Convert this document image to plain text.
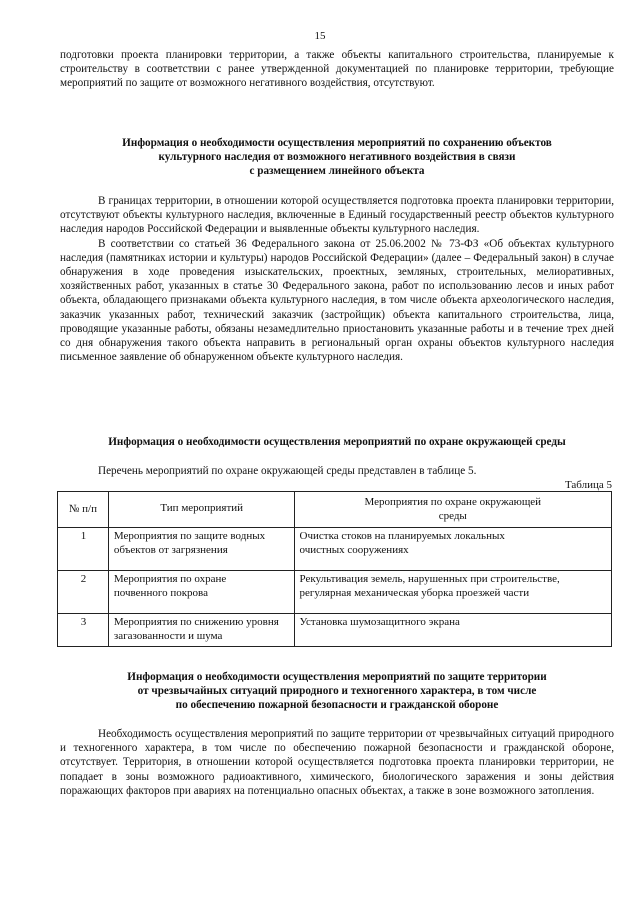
15

подготовки проекта планировки территории, а также объекты капитального строительства, планируемые к строительству в соответствии с ранее утвержденной документацией по планировке территории, требующие мероприятий по защите от возможного негативного воздействия, отсутствуют.

Информация о необходимости осуществления мероприятий по сохранению объектов
культурного наследия от возможного негативного воздействия в связи
с размещением линейного объекта

В границах территории, в отношении которой осуществляется подготовка проекта планировки территории, отсутствуют объекты культурного наследия, включенные в Единый государственный реестр объектов культурного наследия народов Российской Федерации и выявленные объекты культурного наследия.

В соответствии со статьей 36 Федерального закона от 25.06.2002 № 73-ФЗ «Об объектах культурного наследия (памятниках истории и культуры) народов Российской Федерации» (далее – Федеральный закон) в случае обнаружения в ходе проведения изыскательских, проектных, земляных, строительных, мелиоративных, хозяйственных работ, указанных в статье 30 Федерального закона, работ по использованию лесов и иных работ объекта, обладающего признаками объекта культурного наследия, в том числе объекта археологического наследия, заказчик указанных работ, технический заказчик (застройщик) объекта капитального строительства, лица, проводящие указанные работы, обязаны незамедлительно приостановить указанные работы и в течение трех дней со дня обнаружения такого объекта направить в региональный орган охраны объектов культурного наследия письменное заявление об обнаруженном объекте культурного наследия.

Информация о необходимости осуществления мероприятий по охране окружающей среды

Перечень мероприятий по охране окружающей среды представлен в таблице 5.

Таблица 5
№ п/п	Тип мероприятий	Мероприятия по охране окружающей среды
1	Мероприятия по защите водных объектов от загрязнения	Очистка стоков на планируемых локальных очистных сооружениях
2	Мероприятия по охране почвенного покрова	Рекультивация земель, нарушенных при строительстве, регулярная механическая уборка проезжей части
3	Мероприятия по снижению уровня загазованности и шума	Установка шумозащитного экрана

Информация о необходимости осуществления мероприятий по защите территории
от чрезвычайных ситуаций природного и техногенного характера, в том числе
по обеспечению пожарной безопасности и гражданской обороне

Необходимость осуществления мероприятий по защите территории от чрезвычайных ситуаций природного и техногенного характера, в том числе по обеспечению пожарной безопасности и гражданской обороне, отсутствует. Территория, в отношении которой осуществляется подготовка проекта планировки территории, не попадает в зоны возможного радиоактивного, химического, биологического заражения и зоны действия поражающих факторов при авариях на потенциально опасных объектах, а также в зоне возможного затопления.
